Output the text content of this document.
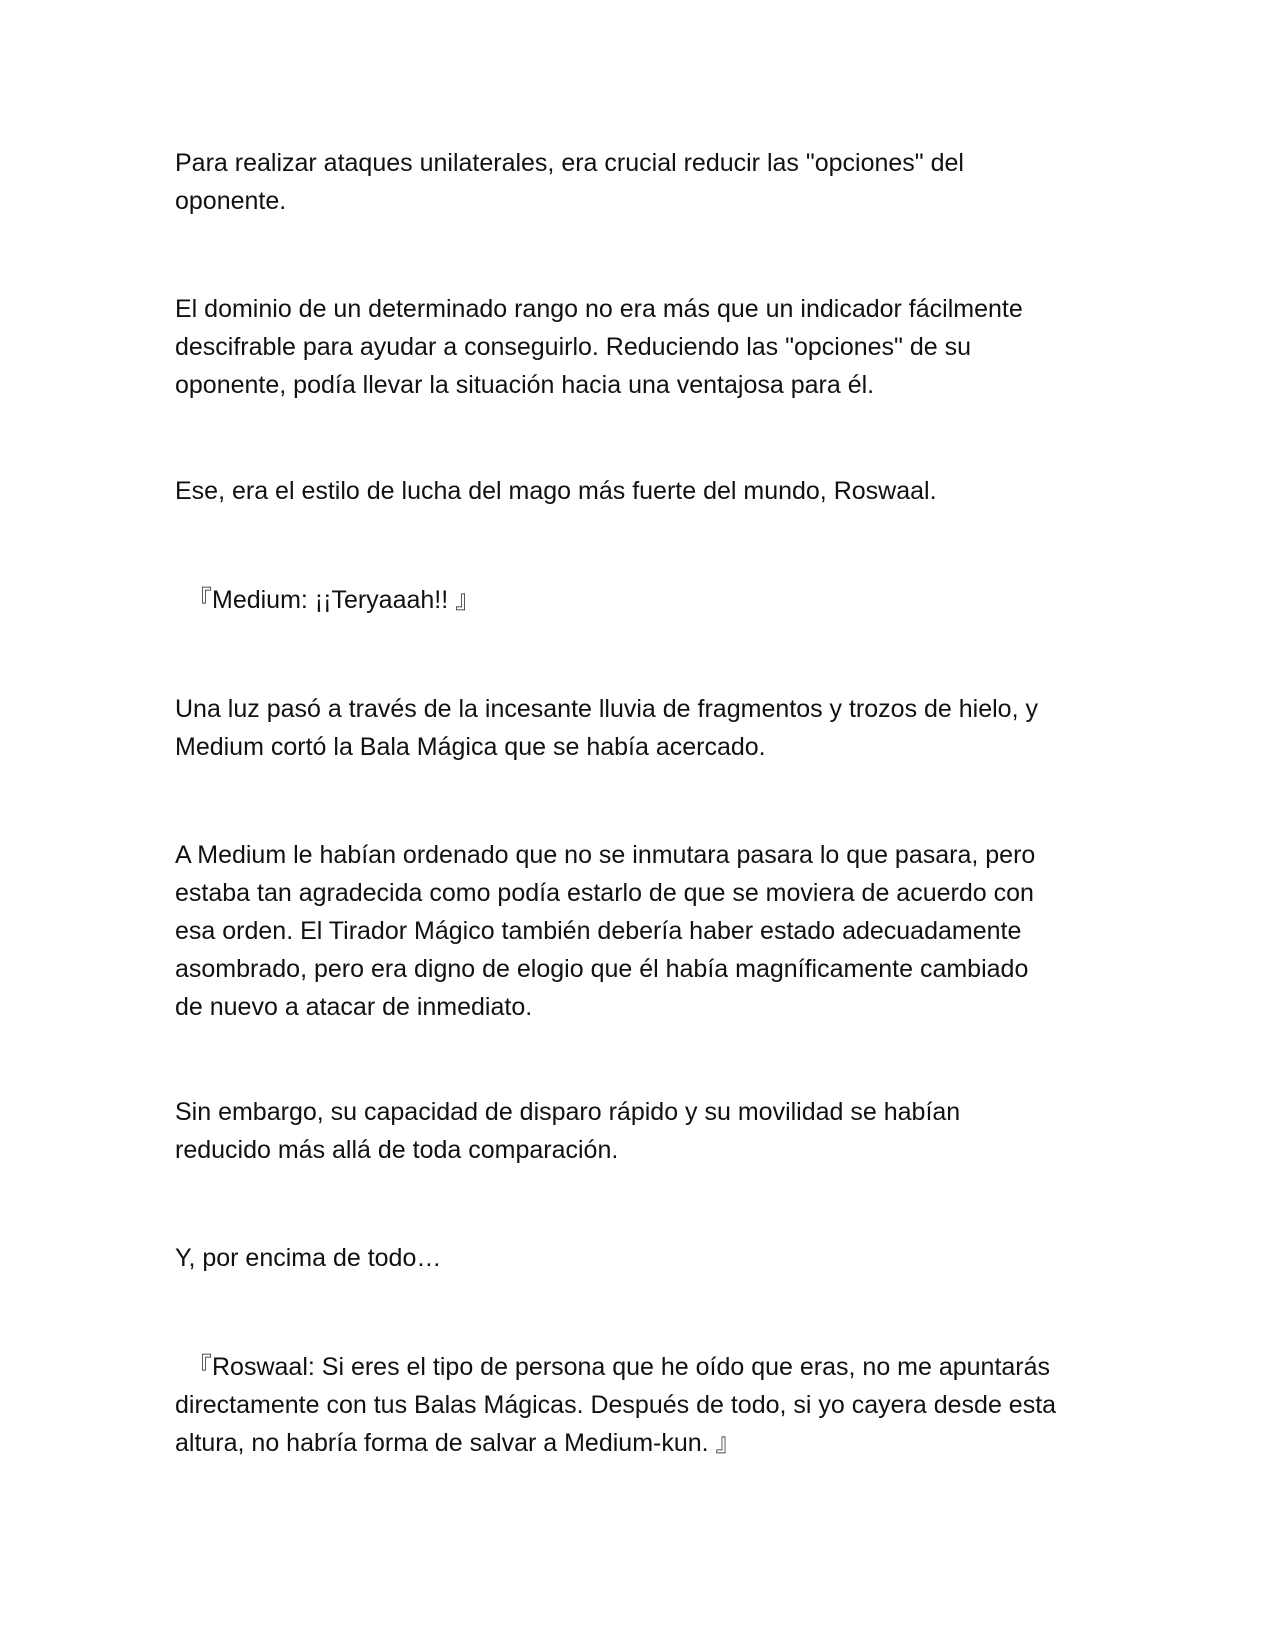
Para realizar ataques unilaterales, era crucial reducir las "opciones" del
oponente.

El dominio de un determinado rango no era más que un indicador fácilmente
descifrable para ayudar a conseguirlo. Reduciendo las "opciones" de su
oponente, podía llevar la situación hacia una ventajosa para él.

Ese, era el estilo de lucha del mago más fuerte del mundo, Roswaal.

『Medium: ¡¡Teryaaah!! 』

Una luz pasó a través de la incesante lluvia de fragmentos y trozos de hielo, y
Medium cortó la Bala Mágica que se había acercado.

A Medium le habían ordenado que no se inmutara pasara lo que pasara, pero
estaba tan agradecida como podía estarlo de que se moviera de acuerdo con
esa orden. El Tirador Mágico también debería haber estado adecuadamente
asombrado, pero era digno de elogio que él había magníficamente cambiado
de nuevo a atacar de inmediato.

Sin embargo, su capacidad de disparo rápido y su movilidad se habían
reducido más allá de toda comparación.

Y, por encima de todo…

『Roswaal: Si eres el tipo de persona que he oído que eras, no me apuntarás
directamente con tus Balas Mágicas. Después de todo, si yo cayera desde esta
altura, no habría forma de salvar a Medium-kun. 』
